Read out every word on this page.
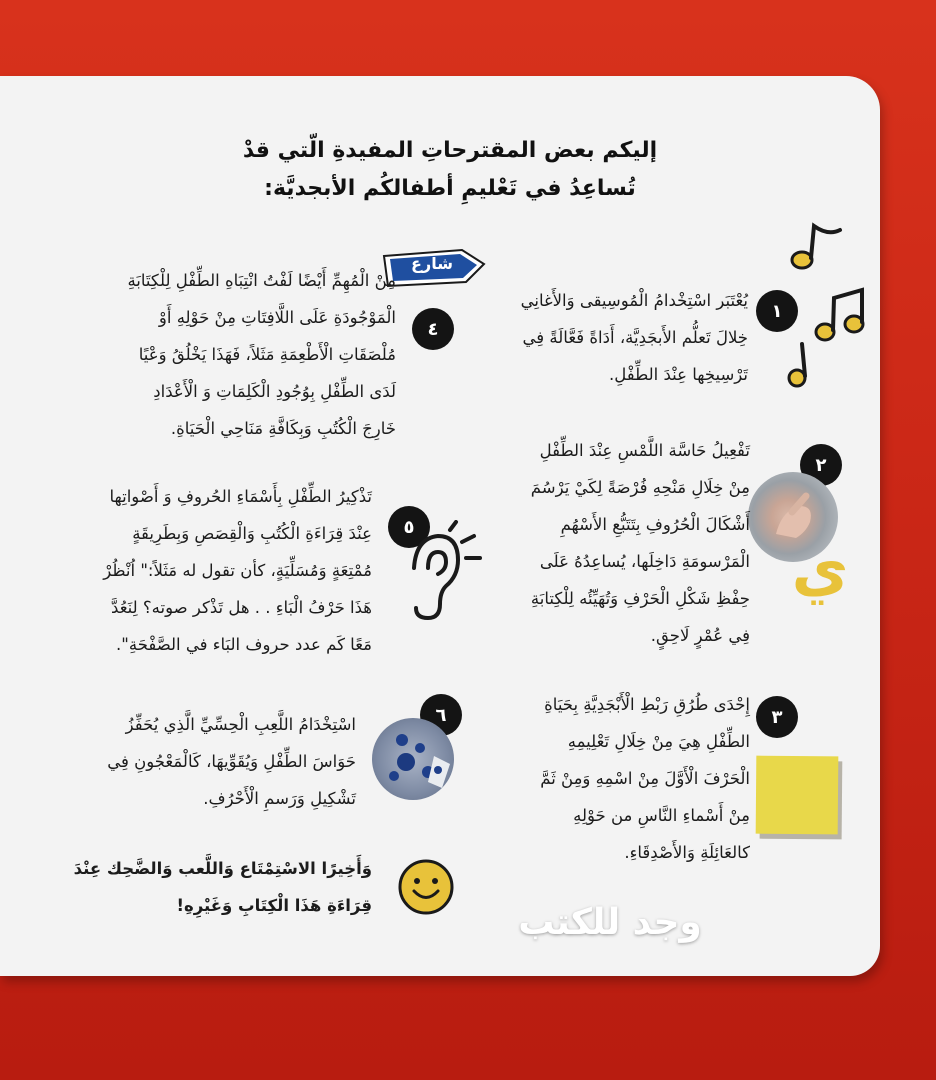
إليكم بعض المقترحاتِ المفيدةِ الّتي قدْ
تُساعِدُ في تَعْليمِ أطفالكُم الأبجديَّة:
١
يُعْتَبَر اسْتِخْدامُ الْمُوسِيقى وَالأَغانِي
خِلالَ تَعلُّم الأَبجَدِيَّة، أَدَاةً فَعَّالَةً فِي
تَرْسِيخِها عِنْدَ الطِّفْلِ.
٢
ي
تَفْعِيلُ حَاسَّة اللَّمْسِ عِنْدَ الطِّفْلِ
مِنْ خِلَالِ مَنْحِهِ فُرْصَةً لِكَيْ يَرْسُمَ
أَشْكَالَ الْحُرُوفِ بِتَتَبُّعِ الأَسْهُمِ
الْمَرْسومَةِ دَاخِلَها، يُساعِدُهُ عَلَى
حِفْظِ شَكْلِ الْحَرْفِ وَتُهَيِّئُه لِلْكِتابَةِ
فِي عُمْرٍ لَاحِقٍ.
٣
إِحْدَى طُرُقِ رَبْطِ الْأَبْجَدِيَّةِ بِحَيَاةِ
الطِّفْلِ هِيَ مِنْ خِلَالِ تَعْلِيمِهِ
الْحَرْفَ الْأَوَّلَ مِنْ اسْمِهِ وَمِنْ ثَمَّ
مِنْ أَسْماءِ النَّاسِ من حَوْلِهِ
كالعَائِلَةِ وَالأَصْدِقَاءِ.
شارع
٤
مِنْ الْمُهِمِّ أَيْضًا لَفْتُ انْتِبَاهِ الطِّفْلِ لِلْكِتَابَةِ
الْمَوْجُودَةِ عَلَى اللَّافِتَاتِ مِنْ حَوْلِهِ أَوْ
مُلْصَقَاتِ الْأَطْعِمَةِ مَثَلاً، فَهَذَا يَخْلُقُ وَعْيًا
لَدَى الطِّفْلِ بِوُجُودِ الْكَلِمَاتِ وَ الْأَعْدَادِ
خَارِجَ الْكُتُبِ وَبِكَافَّةِ مَنَاحِي الْحَيَاةِ.
٥
تَذْكِيرُ الطِّفْلِ بِأَسْمَاءِ الحُروفِ وَ أَصْواتِها
عِنْدَ قِرَاءَةِ الْكُتُبِ وَالْقِصَصِ وَبِطَرِيقَةٍ
مُمْتِعَةٍ وَمُسَلِّيَةٍ، كأن تقول له مَثَلاً:" اُنْظُرْ
هَذَا حَرْفُ الْبَاءِ . . هل تَذْكر صوته؟ لِنَعُدَّ
مَعًا كَم عدد حروف البَاء في الصَّفْحَةِ".
٦
اسْتِخْدَامُ اللَّعِبِ الْحِسِّيِّ الَّذِي يُحَفِّزُ
حَوَاسَ الطِّفْلِ وَيُقَوِّيهَا، كَالْمَعْجُونِ فِي
تَشْكِيلِ وَرَسمِ الْأَحْرُفِ.
وَأَخِيرًا الاسْتِمْتَاع وَاللَّعب وَالضَّحِك عِنْدَ
قِرَاءَةِ هَذَا الْكِتَابِ وَغَيْرِهِ!	وجد للكتب
